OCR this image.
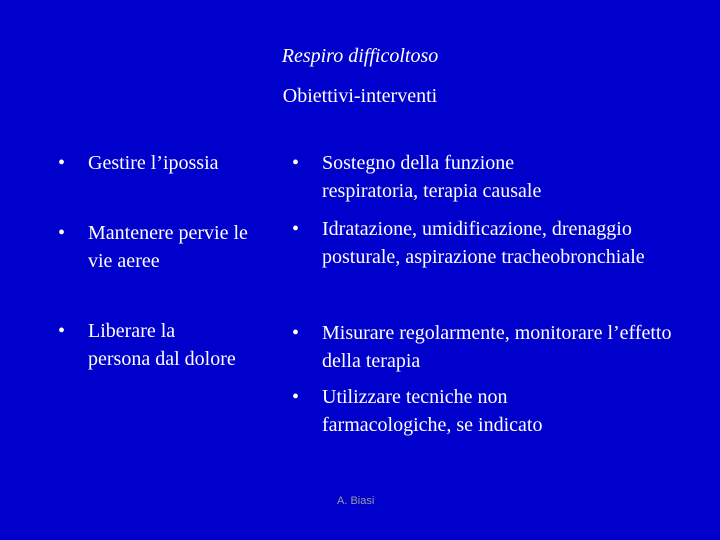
Respiro difficoltoso
Obiettivi-interventi
•	Gestire l’ipossia
•	Mantenere pervie le vie aeree
•	Liberare la persona dal dolore
•	Sostegno della funzione respiratoria, terapia causale
•	Idratazione, umidificazione, drenaggio posturale, aspirazione tracheobronchiale
•	Misurare regolarmente, monitorare l’effetto della terapia
•	Utilizzare tecniche non farmacologiche, se indicato
A. Biasi
